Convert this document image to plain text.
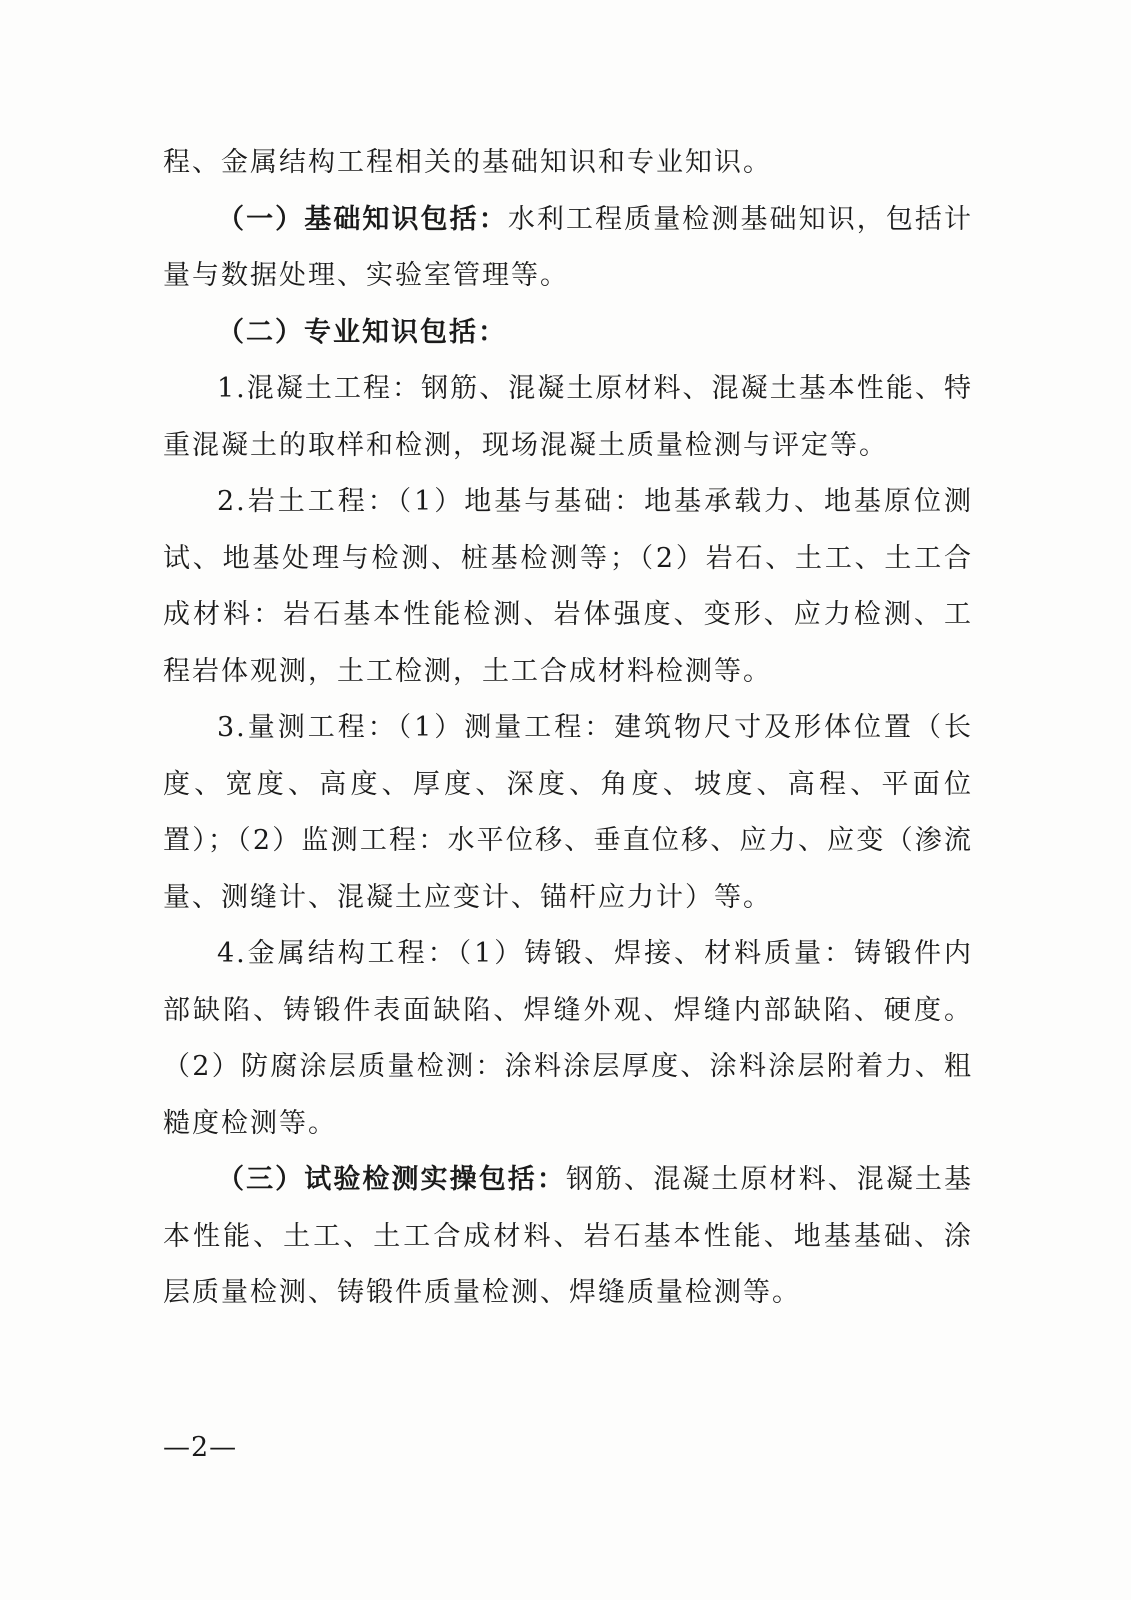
程、金属结构工程相关的基础知识和专业知识。

（一）基础知识包括：水利工程质量检测基础知识，包括计量与数据处理、实验室管理等。

（二）专业知识包括：

1.混凝土工程：钢筋、混凝土原材料、混凝土基本性能、特重混凝土的取样和检测，现场混凝土质量检测与评定等。

2.岩土工程：（1）地基与基础：地基承载力、地基原位测试、地基处理与检测、桩基检测等；（2）岩石、土工、土工合成材料：岩石基本性能检测、岩体强度、变形、应力检测、工程岩体观测，土工检测，土工合成材料检测等。

3.量测工程：（1）测量工程：建筑物尺寸及形体位置（长度、宽度、高度、厚度、深度、角度、坡度、高程、平面位置）；（2）监测工程：水平位移、垂直位移、应力、应变（渗流量、测缝计、混凝土应变计、锚杆应力计）等。

4.金属结构工程：（1）铸锻、焊接、材料质量：铸锻件内部缺陷、铸锻件表面缺陷、焊缝外观、焊缝内部缺陷、硬度。（2）防腐涂层质量检测：涂料涂层厚度、涂料涂层附着力、粗糙度检测等。

（三）试验检测实操包括：钢筋、混凝土原材料、混凝土基本性能、土工、土工合成材料、岩石基本性能、地基基础、涂层质量检测、铸锻件质量检测、焊缝质量检测等。

—2—
